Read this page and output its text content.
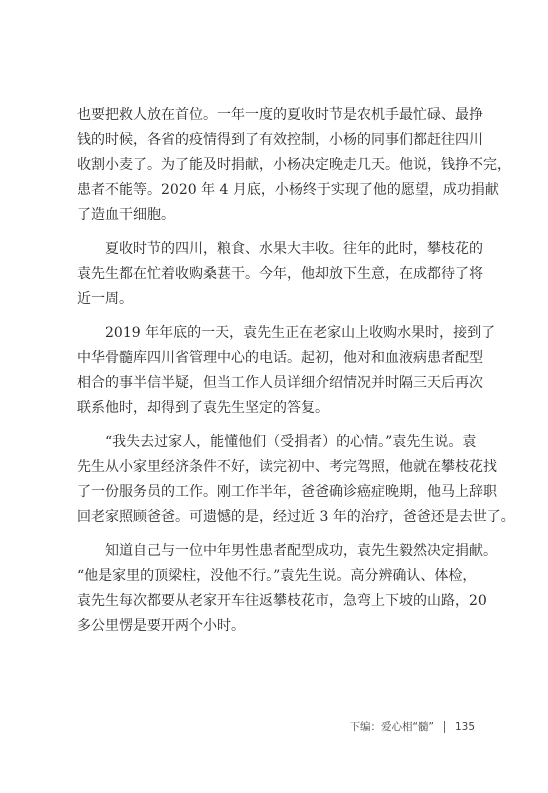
也要把救人放在首位。一年一度的夏收时节是农机手最忙碌、最挣
钱的时候，各省的疫情得到了有效控制，小杨的同事们都赶往四川
收割小麦了。为了能及时捐献，小杨决定晚走几天。他说，钱挣不完，
患者不能等。2020 年 4 月底，小杨终于实现了他的愿望，成功捐献
了造血干细胞。
夏收时节的四川，粮食、水果大丰收。往年的此时，攀枝花的
袁先生都在忙着收购桑葚干。今年，他却放下生意，在成都待了将
近一周。
2019 年年底的一天，袁先生正在老家山上收购水果时，接到了
中华骨髓库四川省管理中心的电话。起初，他对和血液病患者配型
相合的事半信半疑，但当工作人员详细介绍情况并时隔三天后再次
联系他时，却得到了袁先生坚定的答复。
“我失去过家人，能懂他们（受捐者）的心情。”袁先生说。袁
先生从小家里经济条件不好，读完初中、考完驾照，他就在攀枝花找
了一份服务员的工作。刚工作半年，爸爸确诊癌症晚期，他马上辞职
回老家照顾爸爸。可遗憾的是，经过近 3 年的治疗，爸爸还是去世了。
知道自己与一位中年男性患者配型成功，袁先生毅然决定捐献。
“他是家里的顶梁柱，没他不行。”袁先生说。高分辨确认、体检，
袁先生每次都要从老家开车往返攀枝花市，急弯上下坡的山路，20
多公里愣是要开两个小时。
下编：爱心相“髓” 135
